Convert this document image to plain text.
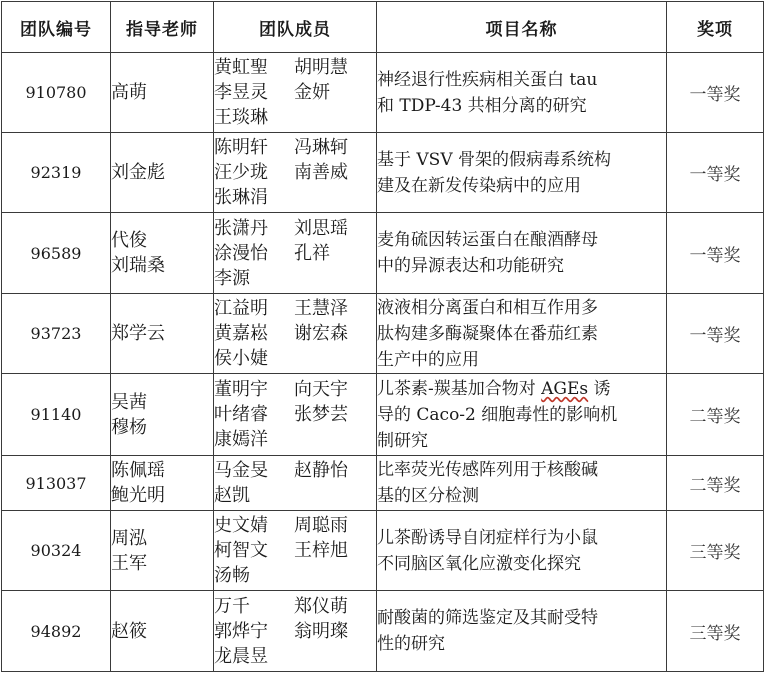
团队编号	指导老师	团队成员	项目名称	奖项
910780	高萌	黄虹聖 胡明慧
李昱灵 金妍
王琰琳	神经退行性疾病相关蛋白 tau
和 TDP-43 共相分离的研究	一等奖
92319	刘金彪	陈明轩 冯琳轲
汪少珑 南善威
张琳涓	基于 VSV 骨架的假病毒系统构
建及在新发传染病中的应用	一等奖
96589	代俊
刘瑞桑	张潇丹 刘思瑶
涂漫怡 孔祥
李源	麦角硫因转运蛋白在酿酒酵母
中的异源表达和功能研究	一等奖
93723	郑学云	江益明 王慧泽
黄嘉崧 谢宏森
侯小婕	液液相分离蛋白和相互作用多
肽构建多酶凝聚体在番茄红素
生产中的应用	一等奖
91140	吴茜
穆杨	董明宇 向天宇
叶绪睿 张梦芸
康嫣洋	儿茶素-羰基加合物对 AGEs 诱
导的 Caco-2 细胞毒性的影响机
制研究	二等奖
913037	陈佩瑶
鲍光明	马金旻 赵静怡
赵凯	比率荧光传感阵列用于核酸碱
基的区分检测	二等奖
90324	周泓
王军	史文婧 周聪雨
柯智文 王梓旭
汤畅	儿茶酚诱导自闭症样行为小鼠
不同脑区氧化应激变化探究	三等奖
94892	赵筱	万千 郑仪萌
郭烨宁 翁明璨
龙晨昱	耐酸菌的筛选鉴定及其耐受特
性的研究	三等奖
